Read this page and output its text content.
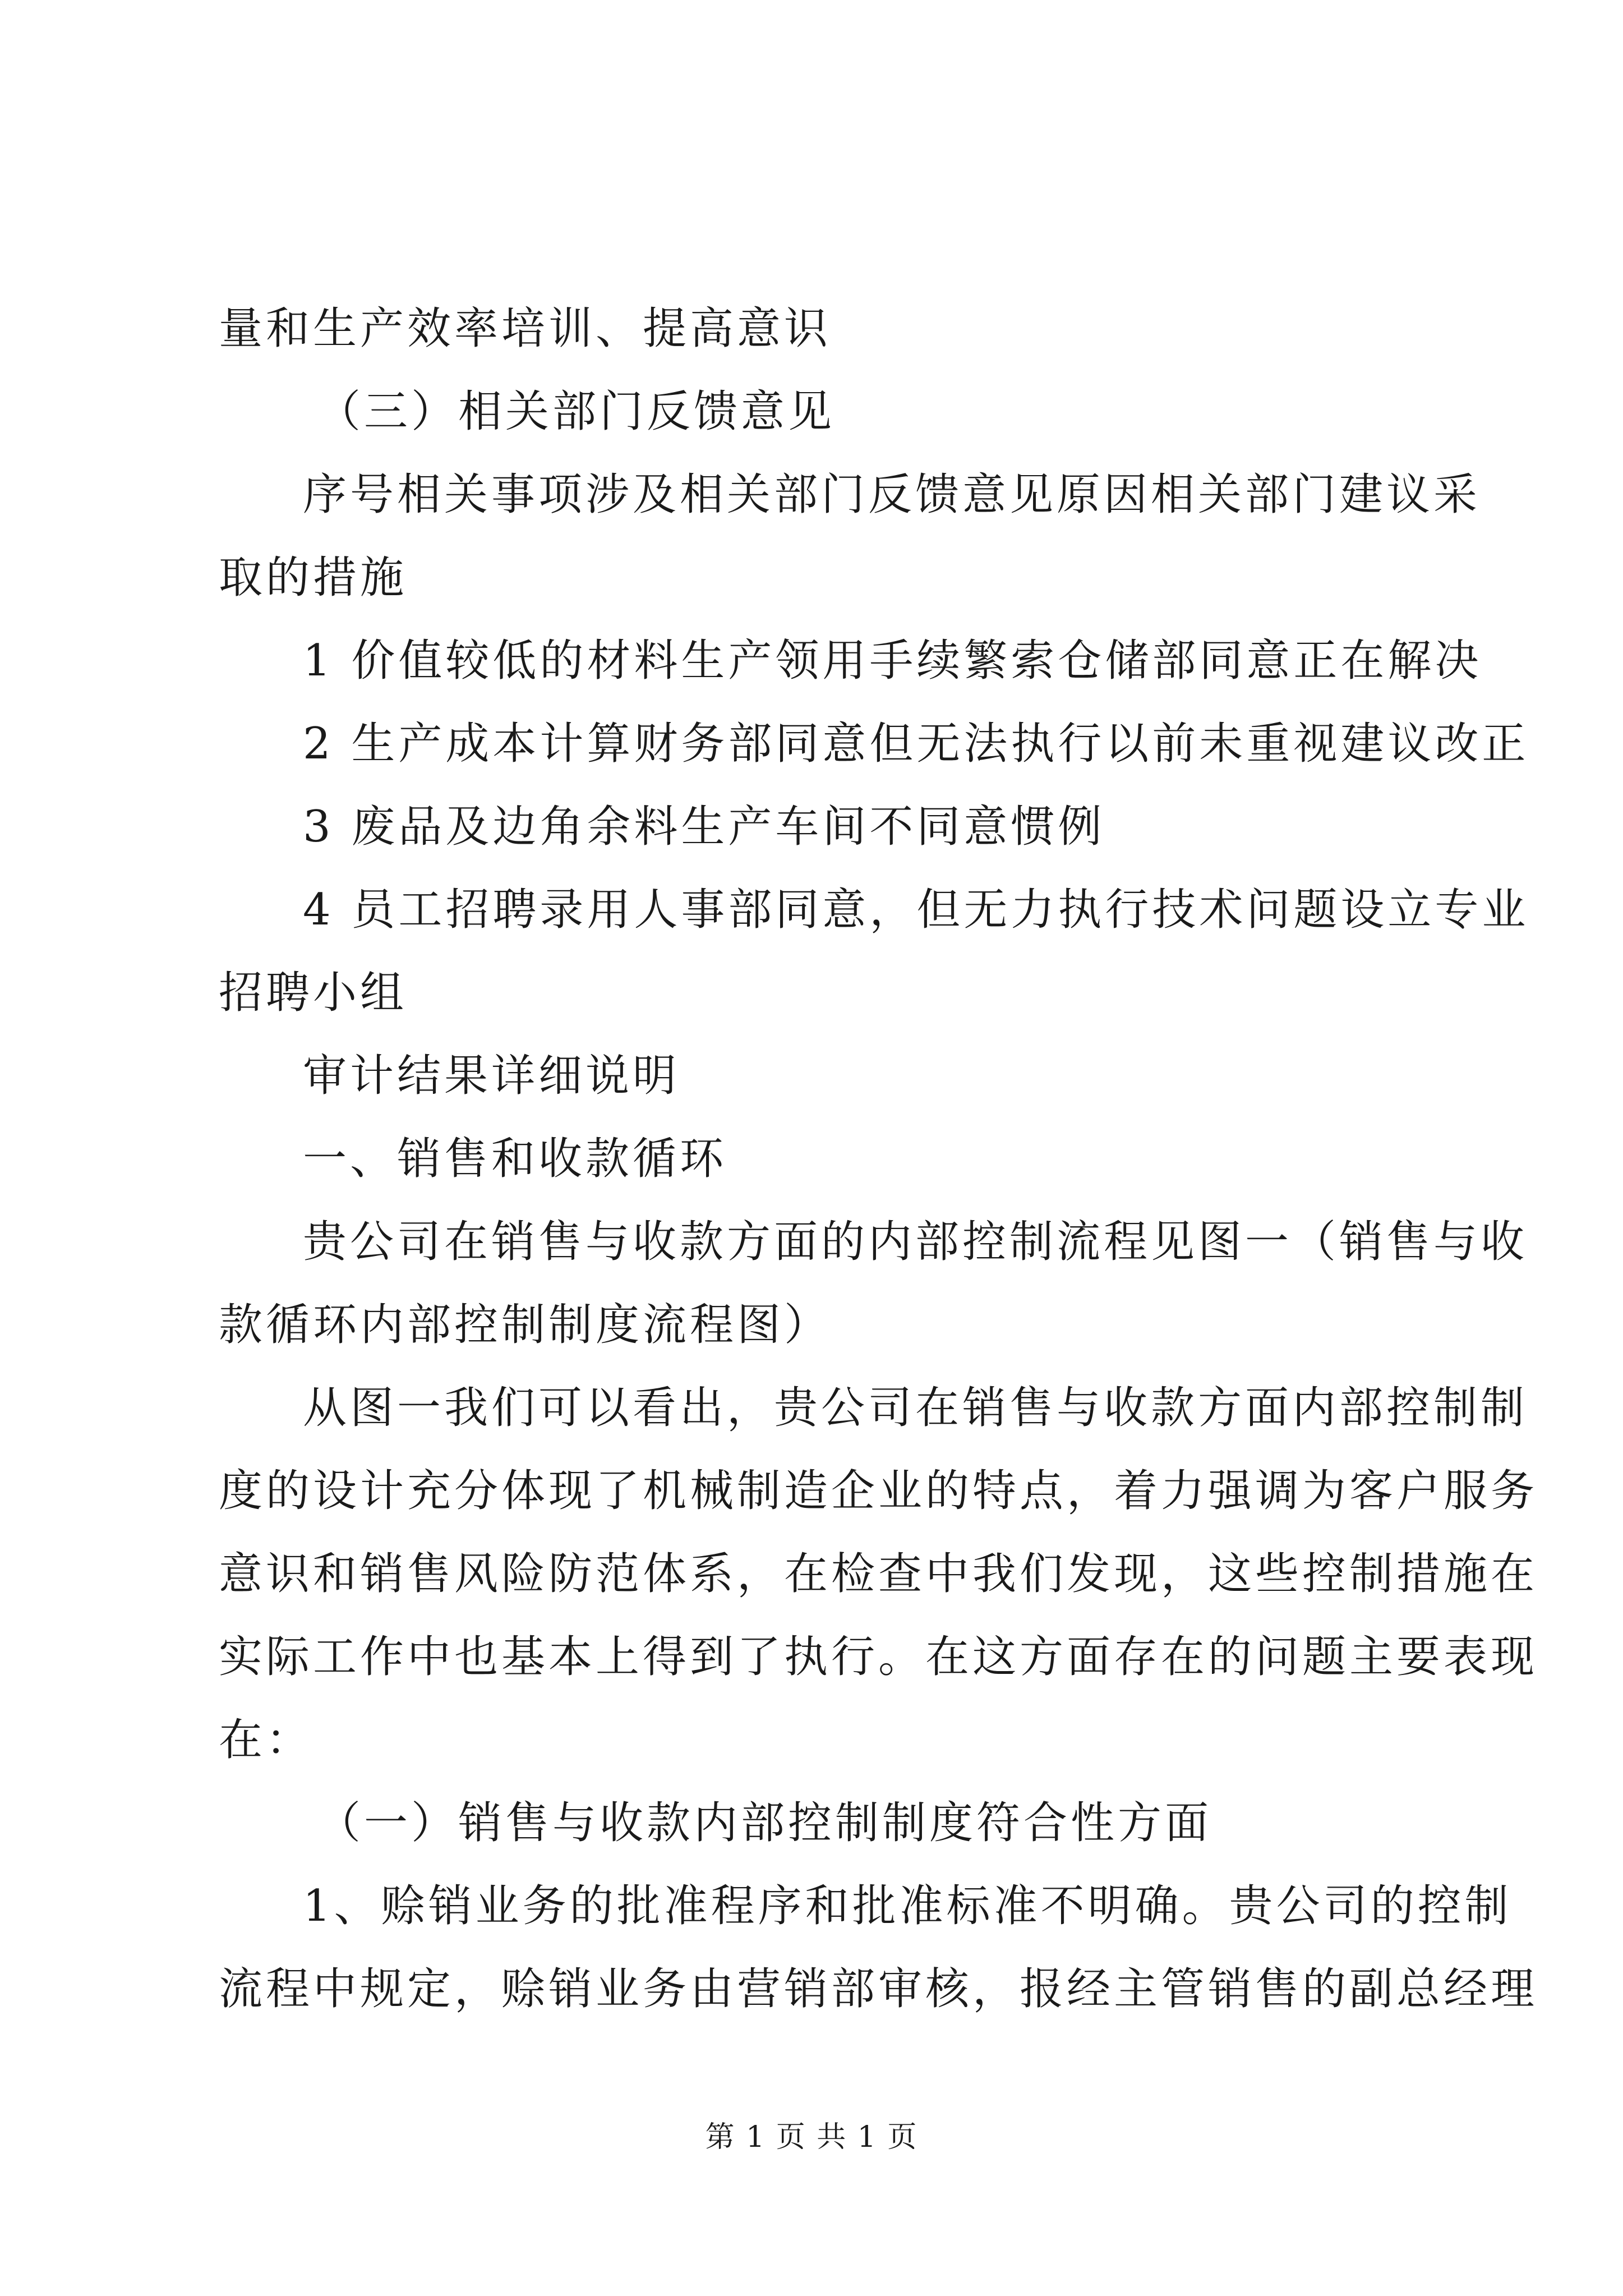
量和生产效率培训、提高意识
（三）相关部门反馈意见
序号相关事项涉及相关部门反馈意见原因相关部门建议采
取的措施
1 价值较低的材料生产领用手续繁索仓储部同意正在解决
2 生产成本计算财务部同意但无法执行以前未重视建议改正
3 废品及边角余料生产车间不同意惯例
4 员工招聘录用人事部同意，但无力执行技术问题设立专业
招聘小组
审计结果详细说明
一、销售和收款循环
贵公司在销售与收款方面的内部控制流程见图一（销售与收
款循环内部控制制度流程图）
从图一我们可以看出，贵公司在销售与收款方面内部控制制
度的设计充分体现了机械制造企业的特点，着力强调为客户服务
意识和销售风险防范体系，在检查中我们发现，这些控制措施在
实际工作中也基本上得到了执行。在这方面存在的问题主要表现
在：
（一）销售与收款内部控制制度符合性方面
1、赊销业务的批准程序和批准标准不明确。贵公司的控制
流程中规定，赊销业务由营销部审核，报经主管销售的副总经理
第 1 页 共 1 页
